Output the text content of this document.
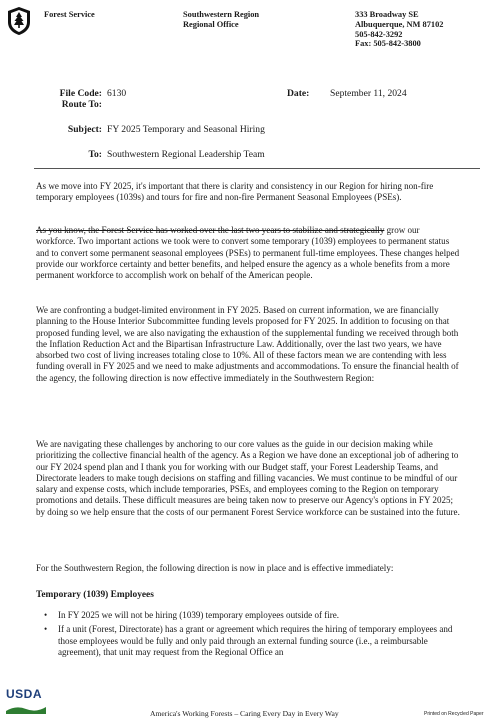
Forest Service	Southwestern Region
Regional Office
333 Broadway SE
Albuquerque, NM 87102
505-842-3292
Fax: 505-842-3800
File Code: 6130
Route To:
Date: September 11, 2024
Subject: FY 2025 Temporary and Seasonal Hiring
To: Southwestern Regional Leadership Team

As we move into FY 2025, it's important that there is clarity and consistency in our Region for hiring non-fire temporary employees (1039s) and tours for fire and non-fire Permanent Seasonal Employees (PSEs).

As you know, the Forest Service has worked over the last two years to stabilize and strategically grow our workforce. Two important actions we took were to convert some temporary (1039) employees to permanent status and to convert some permanent seasonal employees (PSEs) to permanent full-time employees. These changes helped provide our workforce certainty and better benefits, and helped ensure the agency as a whole benefits from a more permanent workforce to accomplish work on behalf of the American people.

We are confronting a budget-limited environment in FY 2025. Based on current information, we are financially planning to the House Interior Subcommittee funding levels proposed for FY 2025. In addition to focusing on that proposed funding level, we are also navigating the exhaustion of the supplemental funding we received through both the Inflation Reduction Act and the Bipartisan Infrastructure Law. Additionally, over the last two years, we have absorbed two cost of living increases totaling close to 10%. All of these factors mean we are contending with less funding overall in FY 2025 and we need to make adjustments and accommodations. To ensure the financial health of the agency, the following direction is now effective immediately in the Southwestern Region:

We are navigating these challenges by anchoring to our core values as the guide in our decision making while prioritizing the collective financial health of the agency. As a Region we have done an exceptional job of adhering to our FY 2024 spend plan and I thank you for working with our Budget staff, your Forest Leadership Teams, and Directorate leaders to make tough decisions on staffing and filling vacancies. We must continue to be mindful of our salary and expense costs, which include temporaries, PSEs, and employees coming to the Region on temporary promotions and details. These difficult measures are being taken now to preserve our Agency's options in FY 2025; by doing so we help ensure that the costs of our permanent Forest Service workforce can be sustained into the future.

For the Southwestern Region, the following direction is now in place and is effective immediately:

Temporary (1039) Employees
• In FY 2025 we will not be hiring (1039) temporary employees outside of fire.
• If a unit (Forest, Directorate) has a grant or agreement which requires the hiring of temporary employees and those employees would be fully and only paid through an external funding source (i.e., a reimbursable agreement), that unit may request from the Regional Office an
USDA
America's Working Forests – Caring Every Day in Every Way	Printed on Recycled Paper
